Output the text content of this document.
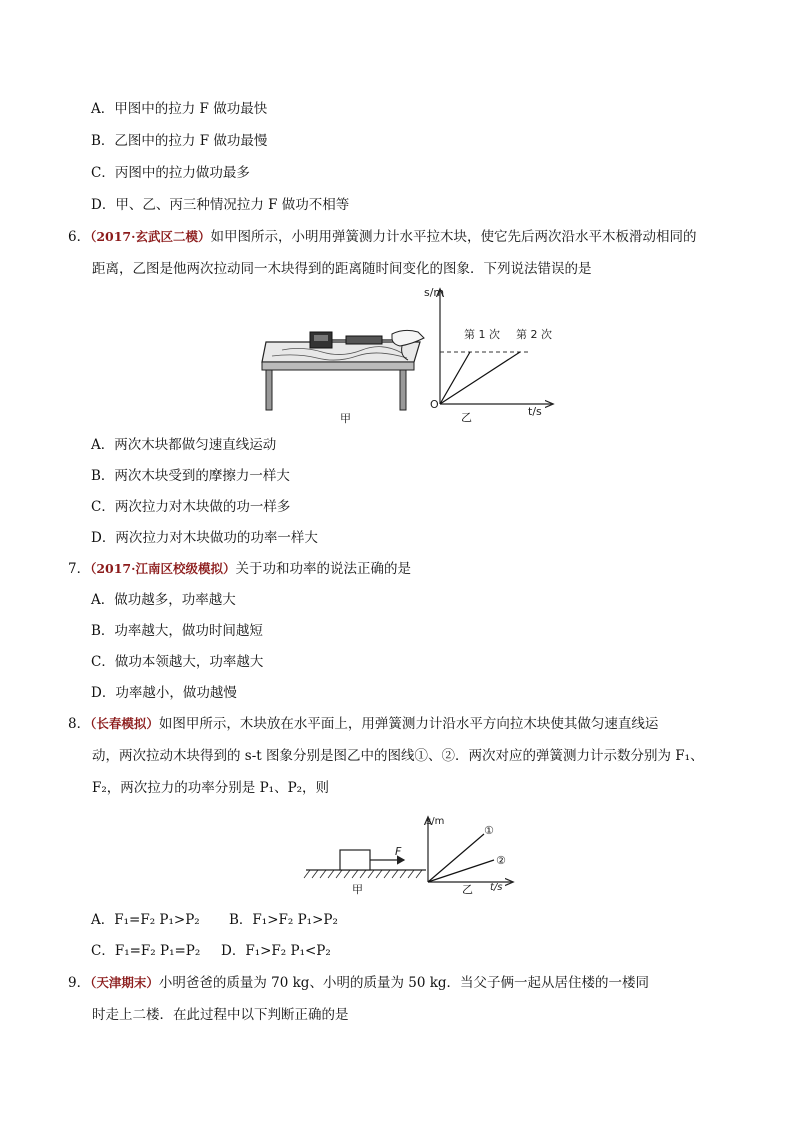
A．甲图中的拉力 F 做功最快
B．乙图中的拉力 F 做功最慢
C．丙图中的拉力做功最多
D．甲、乙、丙三种情况拉力 F 做功不相等
6．（2017·玄武区二模）如甲图所示，小明用弹簧测力计水平拉木块，使它先后两次沿水平木板滑动相同的
距离，乙图是他两次拉动同一木块得到的距离随时间变化的图象．下列说法错误的是
甲
s/m
O
t/s
第 1 次 第 2 次
乙
A．两次木块都做匀速直线运动
B．两次木块受到的摩擦力一样大
C．两次拉力对木块做的功一样多
D．两次拉力对木块做功的功率一样大
7．（2017·江南区校级模拟）关于功和功率的说法正确的是
A．做功越多，功率越大
B．功率越大，做功时间越短
C．做功本领越大，功率越大
D．功率越小，做功越慢
8．（长春模拟）如图甲所示，木块放在水平面上，用弹簧测力计沿水平方向拉木块使其做匀速直线运
动，两次拉动木块得到的 s-t 图象分别是图乙中的图线①、②．两次对应的弹簧测力计示数分别为 F₁、
F₂，两次拉力的功率分别是 P₁、P₂，则
F
甲
s/m
t/s
①
②
乙
A．F₁=F₂ P₁>P₂ B．F₁>F₂ P₁>P₂
C．F₁=F₂ P₁=P₂ D．F₁>F₂ P₁<P₂
9．（天津期末）小明爸爸的质量为 70 kg、小明的质量为 50 kg．当父子俩一起从居住楼的一楼同
时走上二楼．在此过程中以下判断正确的是
